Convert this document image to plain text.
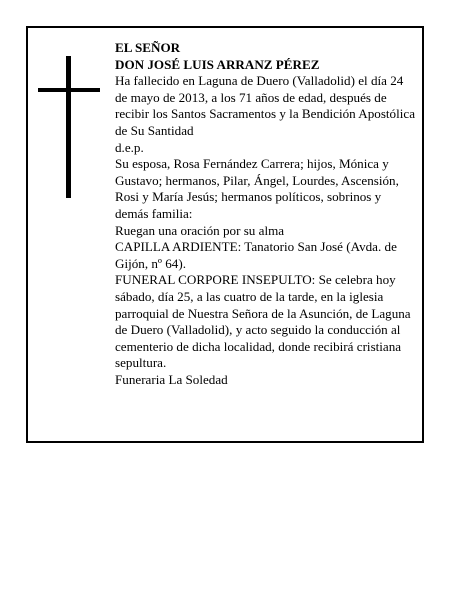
EL SEÑOR

DON JOSÉ LUIS ARRANZ PÉREZ

Ha fallecido en Laguna de Duero (Valladolid) el día 24 de mayo de 2013, a los 71 años de edad, después de recibir los Santos Sacramentos y la Bendición Apostólica de Su Santidad

d.e.p.

Su esposa, Rosa Fernández Carrera; hijos, Mónica y Gustavo; hermanos, Pilar, Ángel, Lourdes, Ascensión, Rosi y María Jesús; hermanos políticos, sobrinos y demás familia:

Ruegan una oración por su alma

CAPILLA ARDIENTE: Tanatorio San José (Avda. de Gijón, nº 64).

FUNERAL CORPORE INSEPULTO: Se celebra hoy sábado, día 25, a las cuatro de la tarde, en la iglesia parroquial de Nuestra Señora de la Asunción, de Laguna de Duero (Valladolid), y acto seguido la conducción al cementerio de dicha localidad, donde recibirá cristiana sepultura.

Funeraria La Soledad
